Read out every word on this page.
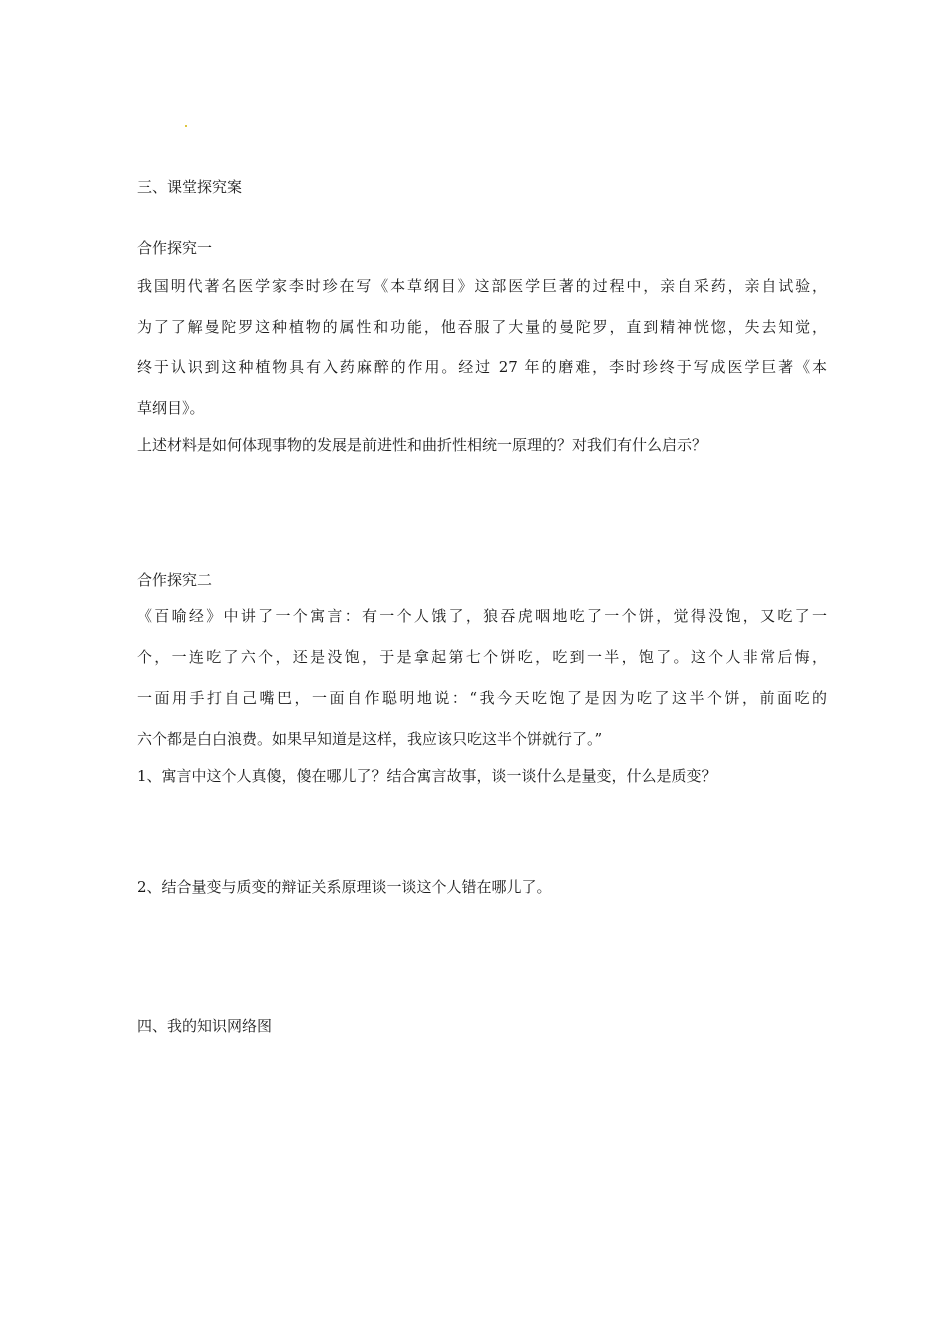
三、课堂探究案

合作探究一

我国明代著名医学家李时珍在写《本草纲目》这部医学巨著的过程中，亲自采药，亲自试验，

为了了解曼陀罗这种植物的属性和功能，他吞服了大量的曼陀罗，直到精神恍惚，失去知觉，

终于认识到这种植物具有入药麻醉的作用。经过 27 年的磨难，李时珍终于写成医学巨著《本

草纲目》。

上述材料是如何体现事物的发展是前进性和曲折性相统一原理的？对我们有什么启示？

合作探究二

《百喻经》中讲了一个寓言：有一个人饿了，狼吞虎咽地吃了一个饼，觉得没饱，又吃了一

个，一连吃了六个，还是没饱，于是拿起第七个饼吃，吃到一半，饱了。这个人非常后悔，

一面用手打自己嘴巴，一面自作聪明地说：“我今天吃饱了是因为吃了这半个饼，前面吃的

六个都是白白浪费。如果早知道是这样，我应该只吃这半个饼就行了。”

1、寓言中这个人真傻，傻在哪儿了？结合寓言故事，谈一谈什么是量变，什么是质变？

2、结合量变与质变的辩证关系原理谈一谈这个人错在哪儿了。

四、我的知识网络图
